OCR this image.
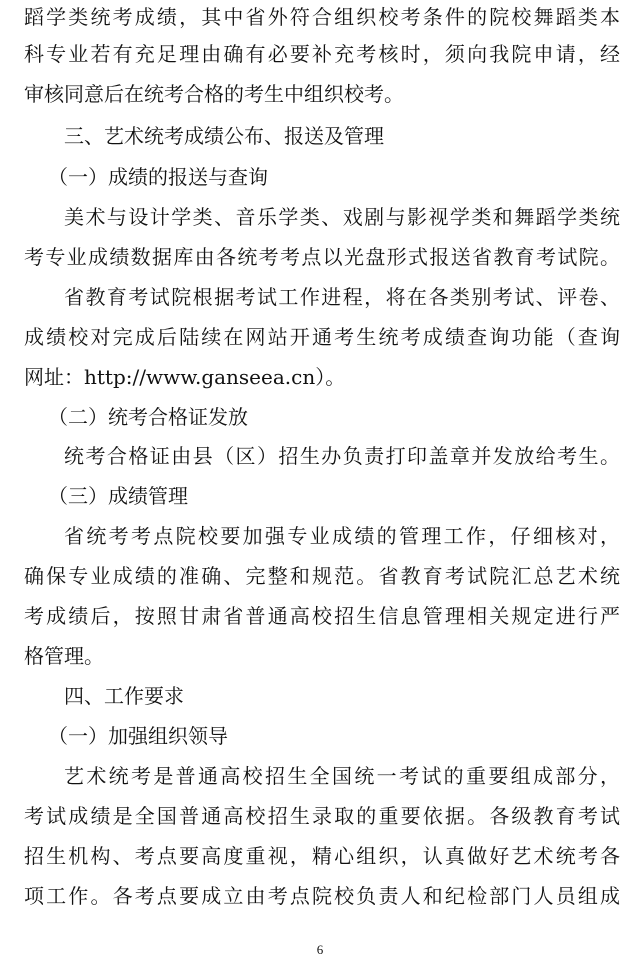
蹈学类统考成绩，其中省外符合组织校考条件的院校舞蹈类本
科专业若有充足理由确有必要补充考核时，须向我院申请，经
审核同意后在统考合格的考生中组织校考。
三、艺术统考成绩公布、报送及管理
（一）成绩的报送与查询
美术与设计学类、音乐学类、戏剧与影视学类和舞蹈学类统
考专业成绩数据库由各统考考点以光盘形式报送省教育考试院。
省教育考试院根据考试工作进程，将在各类别考试、评卷、
成绩校对完成后陆续在网站开通考生统考成绩查询功能（查询
网址：http://www.ganseea.cn）。
（二）统考合格证发放
统考合格证由县（区）招生办负责打印盖章并发放给考生。
（三）成绩管理
省统考考点院校要加强专业成绩的管理工作，仔细核对，
确保专业成绩的准确、完整和规范。省教育考试院汇总艺术统
考成绩后，按照甘肃省普通高校招生信息管理相关规定进行严
格管理。
四、工作要求
（一）加强组织领导
艺术统考是普通高校招生全国统一考试的重要组成部分，
考试成绩是全国普通高校招生录取的重要依据。各级教育考试
招生机构、考点要高度重视，精心组织，认真做好艺术统考各
项工作。各考点要成立由考点院校负责人和纪检部门人员组成
6
